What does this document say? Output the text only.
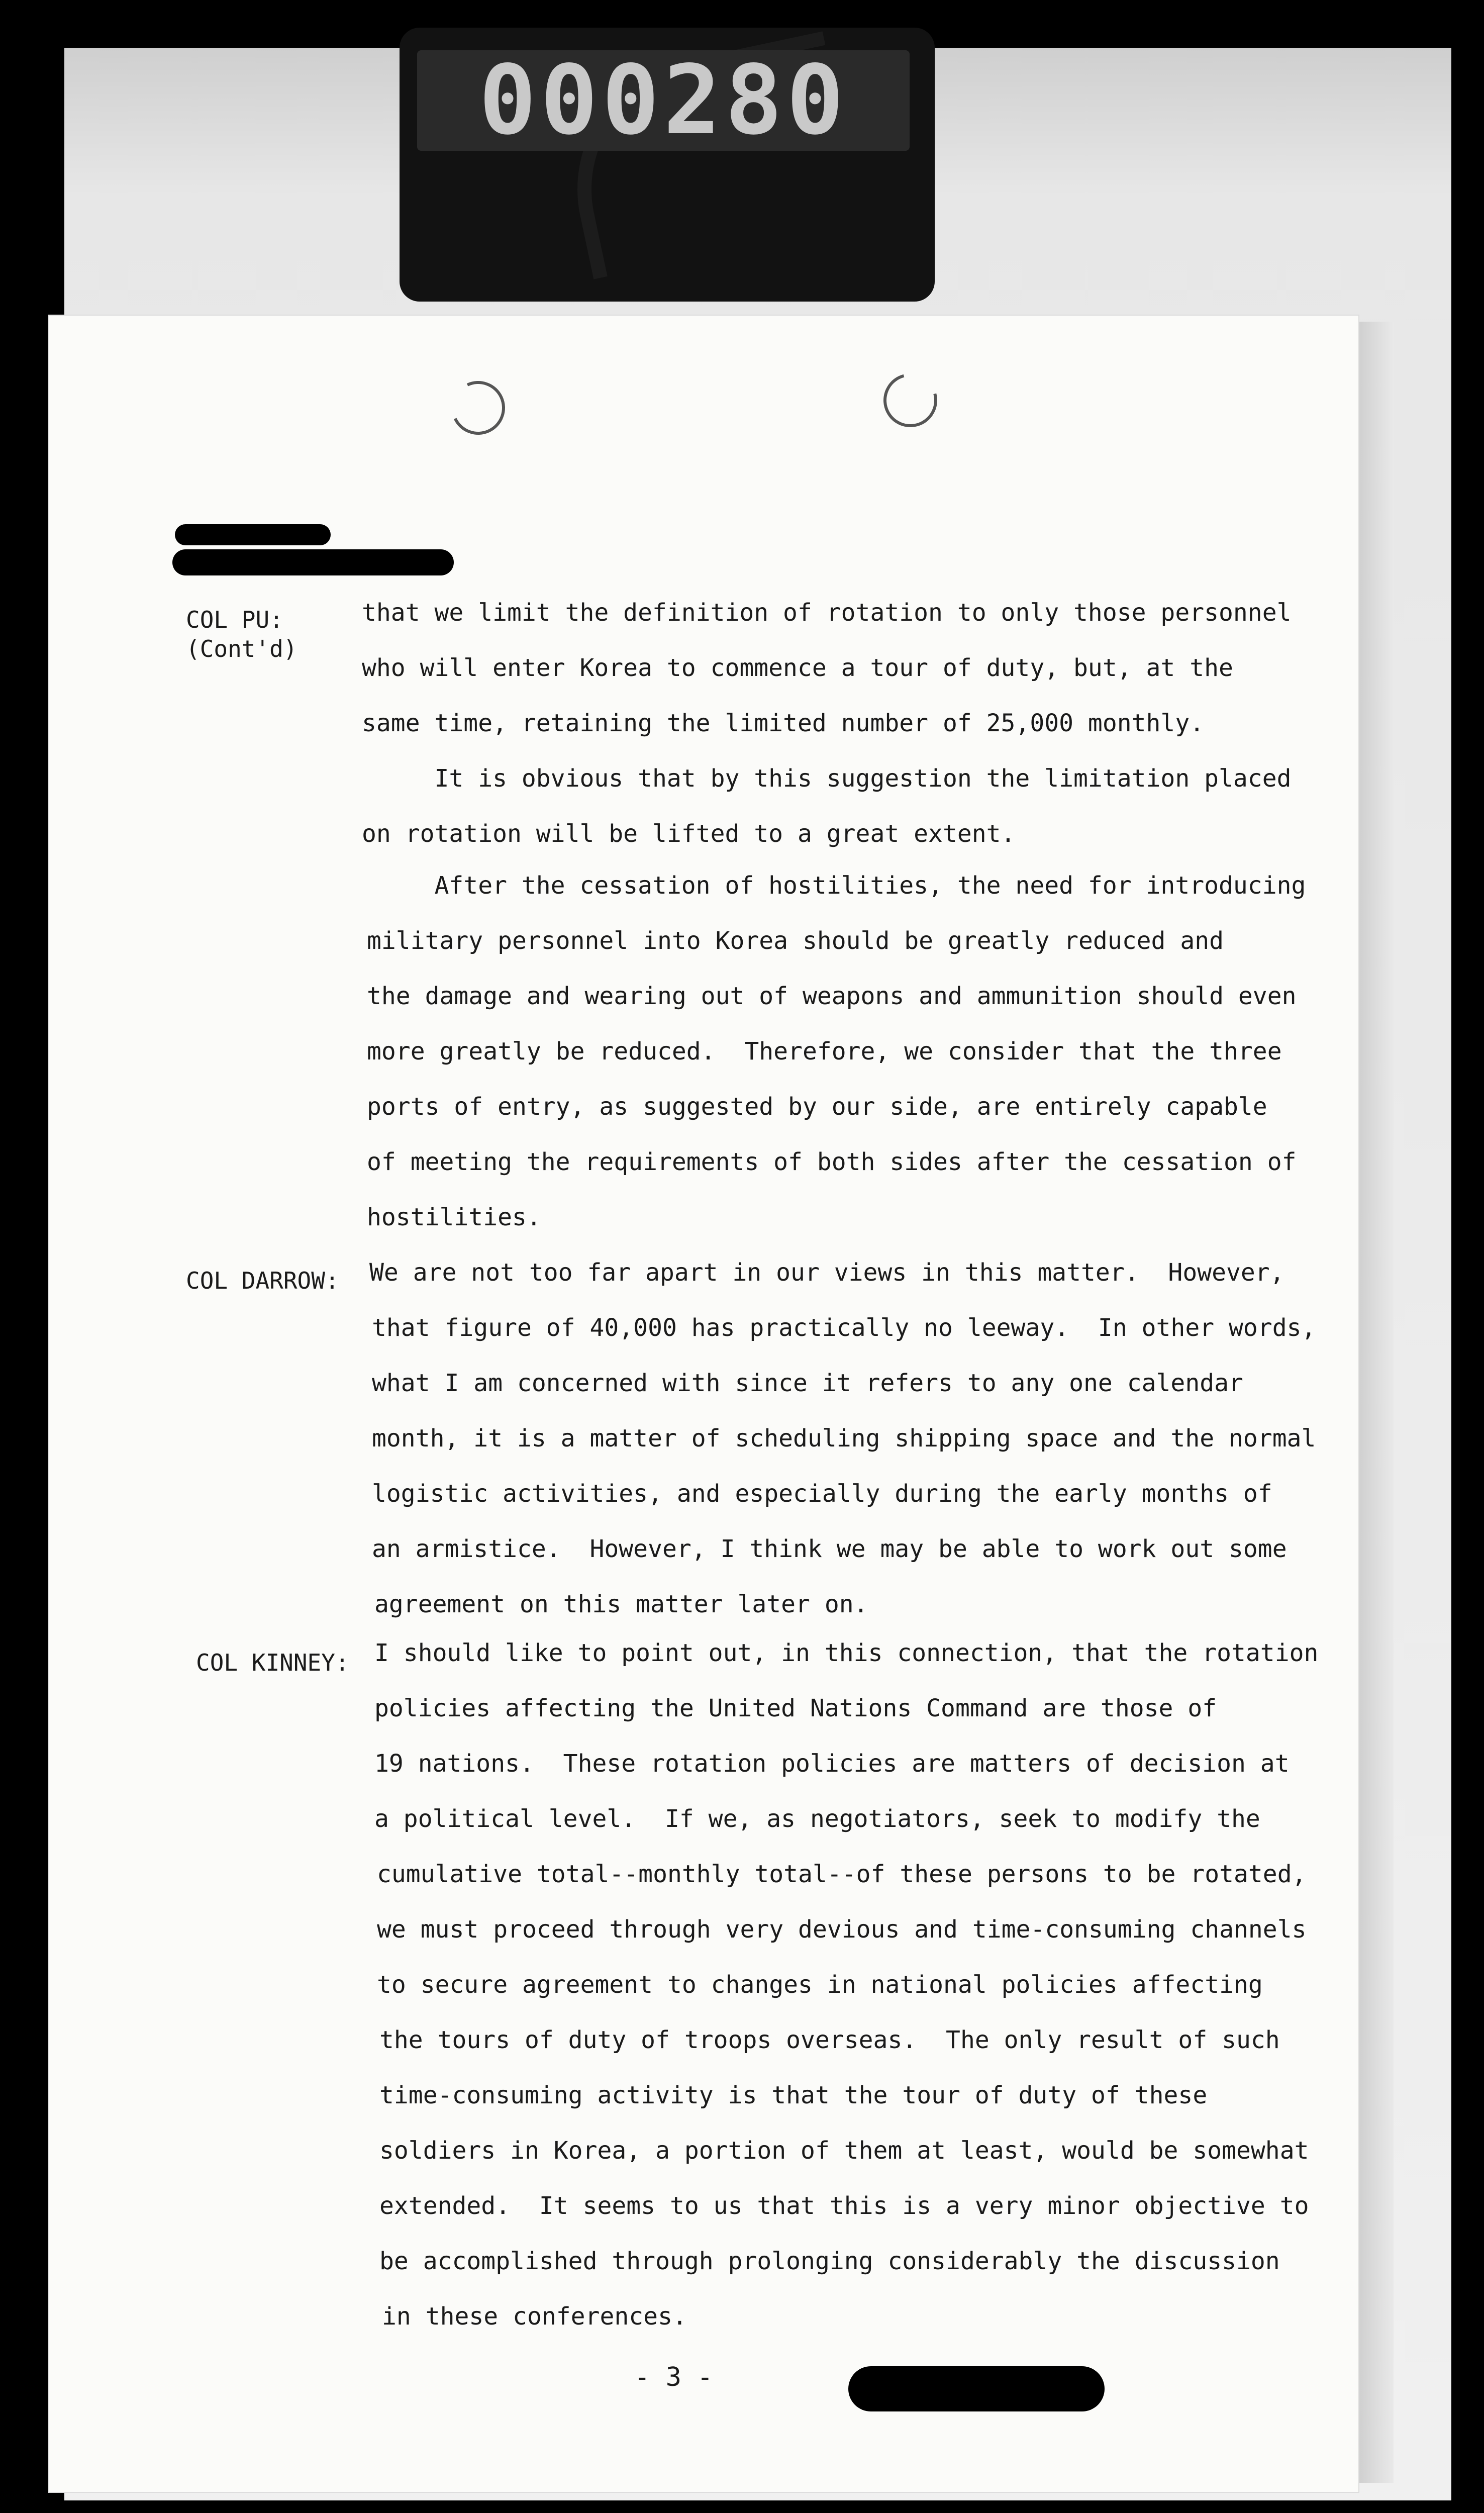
000280
COL PU:
(Cont'd)
COL DARROW:
COL KINNEY:
that we limit the definition of rotation to only those personnel
who will enter Korea to commence a tour of duty, but, at the
same time, retaining the limited number of 25,000 monthly.
It is obvious that by this suggestion the limitation placed
on rotation will be lifted to a great extent.
After the cessation of hostilities, the need for introducing
military personnel into Korea should be greatly reduced and
the damage and wearing out of weapons and ammunition should even
more greatly be reduced.  Therefore, we consider that the three
ports of entry, as suggested by our side, are entirely capable
of meeting the requirements of both sides after the cessation of
hostilities.
We are not too far apart in our views in this matter.  However,
that figure of 40,000 has practically no leeway.  In other words,
what I am concerned with since it refers to any one calendar
month, it is a matter of scheduling shipping space and the normal
logistic activities, and especially during the early months of
an armistice.  However, I think we may be able to work out some
agreement on this matter later on.
I should like to point out, in this connection, that the rotation
policies affecting the United Nations Command are those of
19 nations.  These rotation policies are matters of decision at
a political level.  If we, as negotiators, seek to modify the
cumulative total--monthly total--of these persons to be rotated,
we must proceed through very devious and time-consuming channels
to secure agreement to changes in national policies affecting
the tours of duty of troops overseas.  The only result of such
time-consuming activity is that the tour of duty of these
soldiers in Korea, a portion of them at least, would be somewhat
extended.  It seems to us that this is a very minor objective to
be accomplished through prolonging considerably the discussion
in these conferences.
- 3 -
